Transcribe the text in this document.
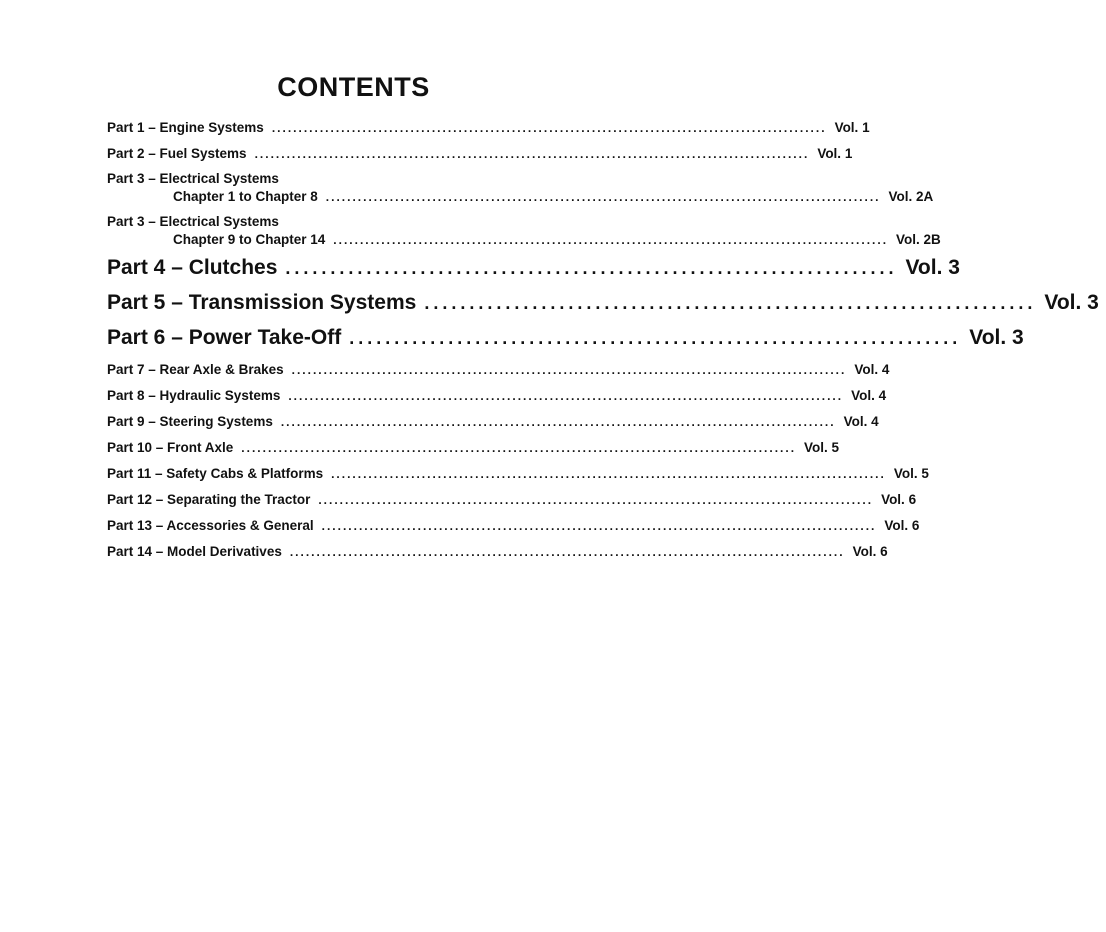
CONTENTS
Part 1 – Engine Systems ........................................................................................................ Vol. 1
Part 2 – Fuel Systems ........................................................................................................ Vol. 1
Part 3 – Electrical Systems
Chapter 1 to Chapter 8 ........................................................................................................ Vol. 2A
Part 3 – Electrical Systems
Chapter 9 to Chapter 14 ........................................................................................................ Vol. 2B
Part 4 – Clutches .................................................................... Vol. 3
Part 5 – Transmission Systems .................................................................... Vol. 3
Part 6 – Power Take-Off .................................................................... Vol. 3
Part 7 – Rear Axle & Brakes ........................................................................................................ Vol. 4
Part 8 – Hydraulic Systems ........................................................................................................ Vol. 4
Part 9 – Steering Systems ........................................................................................................ Vol. 4
Part 10 – Front Axle ........................................................................................................ Vol. 5
Part 11 – Safety Cabs & Platforms ........................................................................................................ Vol. 5
Part 12 – Separating the Tractor ........................................................................................................ Vol. 6
Part 13 – Accessories & General ........................................................................................................ Vol. 6
Part 14 – Model Derivatives ........................................................................................................ Vol. 6
